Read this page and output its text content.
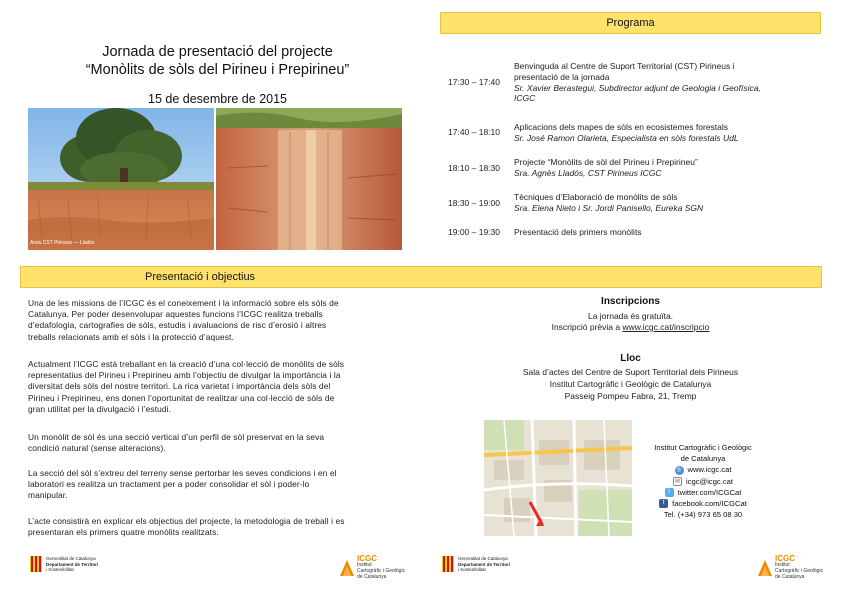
Programa
Jornada de presentació del projecte
“Monòlits de sòls del Pirineu i Prepirineu”
15 de desembre de 2015
Arxiu CST Pirineus — Lladós
Presentació i objectius
Una de les missions de l’ICGC és el coneixement i la informació sobre els sòls de
Catalunya. Per poder desenvolupar aquestes funcions l’ICGC realitza treballs
d’edafologia, cartografies de sòls, estudis i avaluacions de risc d’erosió i altres
treballs relacionats amb el sòls i la protecció d’aquest.
Actualment l’ICGC està treballant en la creació d’una col·lecció de monòlits de sòls
representatius del Pirineu i Prepirineu amb l’objectiu de divulgar la importància i la
diversitat dels sòls del nostre territori. La rica varietat i importància dels sòls del
Pirineu i Prepirineu, ens donen l’oportunitat de realitzar una col·lecció de sòls de
gran utilitat per la divulgació i l’estudi.
Un monòlit de sòl és una secció vertical d’un perfil de sòl preservat en la seva
condició natural (sense alteracions).
La secció del sòl s’extreu del terreny sense pertorbar les seves condicions i en el
laboratori es realitza un tractament per a poder consolidar el sòl i poder-lo
manipular.
L’acte consistirà en explicar els objectius del projecte, la metodologia de treball i es
presentaran els primers quatre monòlits realitzats.
17:30 – 17:40
Benvinguda al Centre de Suport Territorial (CST) Pirineus i
presentació de la jornada
Sr. Xavier Berastegui, Subdirector adjunt de Geologia i Geofísica,
ICGC
17:40 – 18:10	Aplicacions dels mapes de sòls en ecosistemes forestals
Sr. José Ramon Olarieta, Especialista en sòls forestals UdL
18:10 – 18:30
Projecte “Monòlits de sòl del Pirineu i Prepirineu”
Sra. Agnès Lladós, CST Pirineus ICGC
18:30 – 19:00
Tècniques d’Elaboració de monòlits de sòls
Sra. Elena Nieto i Sr. Jordi Panisello, Eureka SGN
19:00 – 19:30	Presentació dels primers monòlits
Inscripcions
La jornada és gratuïta.
Inscripció prèvia a www.icgc.cat/inscripcio
Lloc
Sala d’actes del Centre de Suport Territorial dels Pirineus
Institut Cartogràfic i Geològic de Catalunya
Passeig Pompeu Fabra, 21, Tremp
Institut Cartogràfic i Geològic
de Catalunya
◎ www.icgc.cat
✉ icgc@icgc.cat
t	twitter.com/ICGCat
f	facebook.com/ICGCat
Tel. (+34) 973 65 08 30
Generalitat de Catalunya
Departament de Territori
i Sostenibilitat
ICGC
Institut
Cartogràfic i Geològic
de Catalunya
Generalitat de Catalunya
Departament de Territori
i Sostenibilitat
ICGC
Institut
Cartogràfic i Geològic
de Catalunya
